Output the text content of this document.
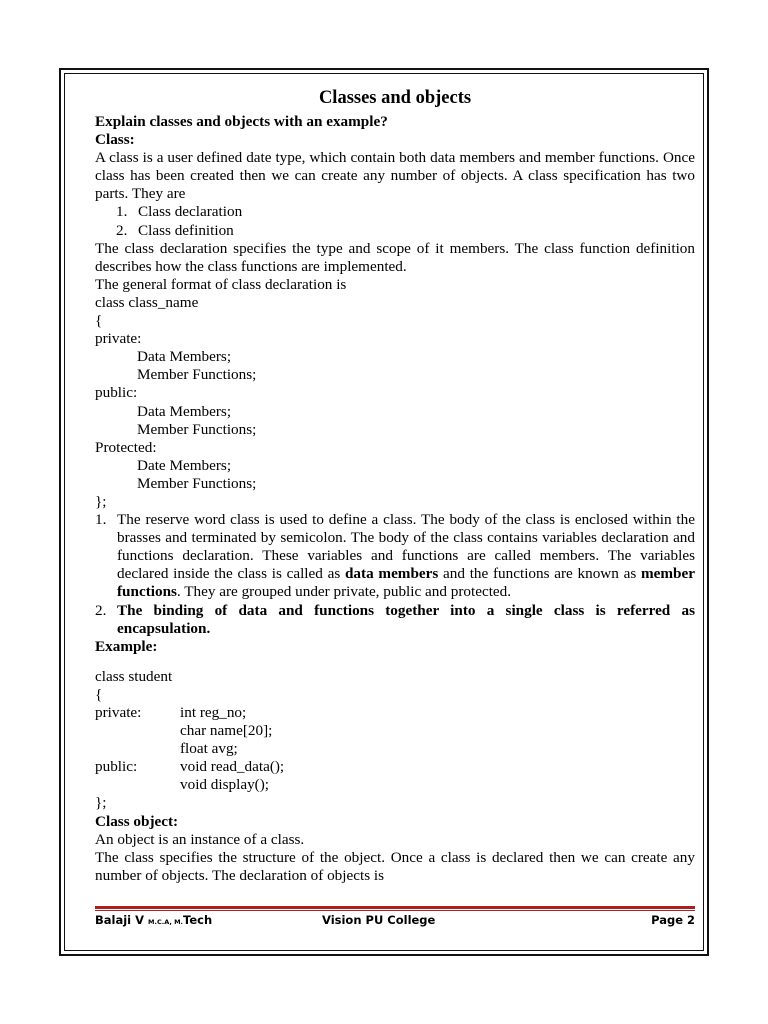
Classes and objects

Explain classes and objects with an example?

Class:

A class is a user defined date type, which contain both data members and member functions. Once class has been created then we can create any number of objects. A class specification has two parts. They are

1. Class declaration
2. Class definition

The class declaration specifies the type and scope of it members. The class function definition describes how the class functions are implemented.

The general format of class declaration is

class class_name
{
private:
Data Members;
Member Functions;
public:
Data Members;
Member Functions;
Protected:
Date Members;
Member Functions;
};
1. The reserve word class is used to define a class. The body of the class is enclosed within the brasses and terminated by semicolon. The body of the class contains variables declaration and functions declaration. These variables and functions are called members. The variables declared inside the class is called as data members and the functions are known as member functions. They are grouped under private, public and protected.
2. The binding of data and functions together into a single class is referred as encapsulation.

Example:

class student
{
private:	int reg_no;
char name[20];
float avg;
public:	void read_data();
void display();
};

Class object:

An object is an instance of a class.

The class specifies the structure of the object. Once a class is declared then we can create any number of objects. The declaration of objects is

Balaji V M.C.A, M.Tech	Vision PU College	Page 2
